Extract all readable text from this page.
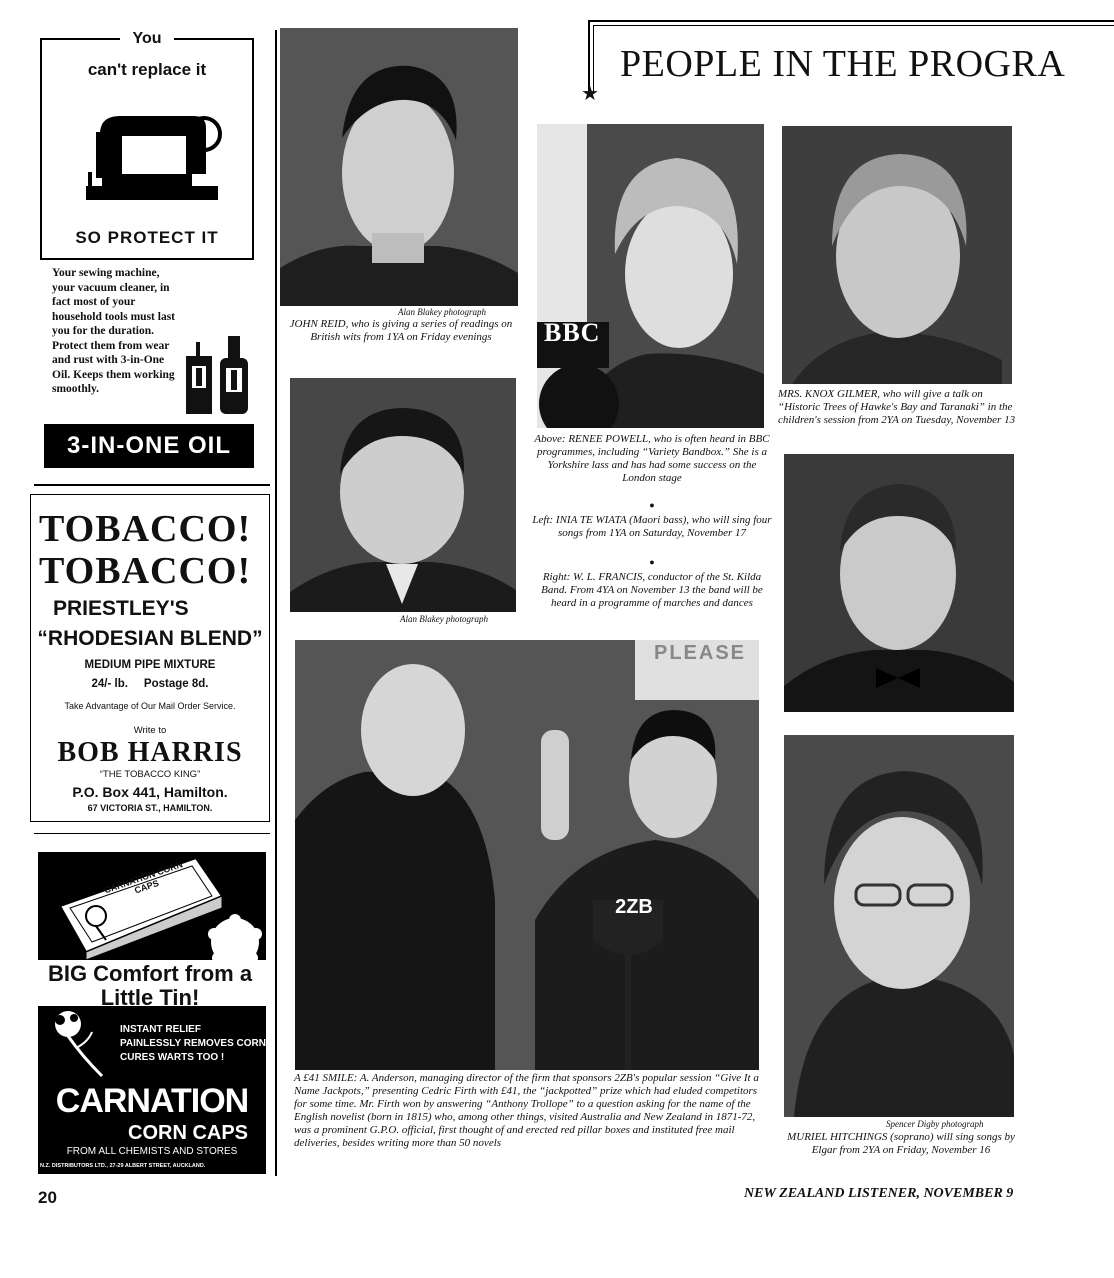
You
can't replace it
SO PROTECT IT
Your sewing machine, your vacuum cleaner, in fact most of your household tools must last you for the duration. Protect them from wear and rust with 3-in-One Oil. Keeps them working smoothly.
3-IN-ONE OIL
TOBACCO!
TOBACCO!
PRIESTLEY'S
“RHODESIAN BLEND”
MEDIUM PIPE MIXTURE
24/- lb.     Postage 8d.
Take Advantage of Our Mail Order Service.
Write to
BOB HARRIS
“THE TOBACCO KING”
P.O. Box 441, Hamilton.
67 VICTORIA ST., HAMILTON.
CARNATION CORN CAPS
BIG Comfort from a Little Tin!
INSTANT RELIEF
PAINLESSLY REMOVES CORN
CURES WARTS TOO !
CARNATION
CORN CAPS
FROM ALL CHEMISTS AND STORES
N.Z. DISTRIBUTORS LTD., 27-29 ALBERT STREET, AUCKLAND.
PEOPLE IN THE PROGRA
★
Alan Blakey photograph
JOHN REID, who is giving a series of readings on British wits from 1YA on Friday evenings	BBC
Above: RENEE POWELL, who is often heard in BBC programmes, including “Variety Bandbox.” She is a Yorkshire lass and has had some success on the London stage
●
Left: INIA TE WIATA (Maori bass), who will sing four songs from 1YA on Saturday, November 17
●
Right: W. L. FRANCIS, conductor of the St. Kilda Band. From 4YA on November 13 the band will be heard in a programme of marches and dances
Alan Blakey photograph
MRS. KNOX GILMER, who will give a talk on “Historic Trees of Hawke's Bay and Taranaki” in the children's session from 2YA on Tuesday, November 13
PLEASE
2ZB
A £41 SMILE: A. Anderson, managing director of the firm that sponsors 2ZB's popular session “Give It a Name Jackpots,” presenting Cedric Firth with £41, the “jackpotted” prize which had eluded competitors for some time. Mr. Firth won by answering “Anthony Trollope” to a question asking for the name of the English novelist (born in 1815) who, among other things, visited Australia and New Zealand in 1871-72, was a prominent G.P.O. official, first thought of and erected red pillar boxes and instituted free mail deliveries, besides writing more than 50 novels
Spencer Digby photograph
MURIEL HITCHINGS (soprano) will sing songs by Elgar from 2YA on Friday, November 16
20	NEW ZEALAND LISTENER, NOVEMBER 9
